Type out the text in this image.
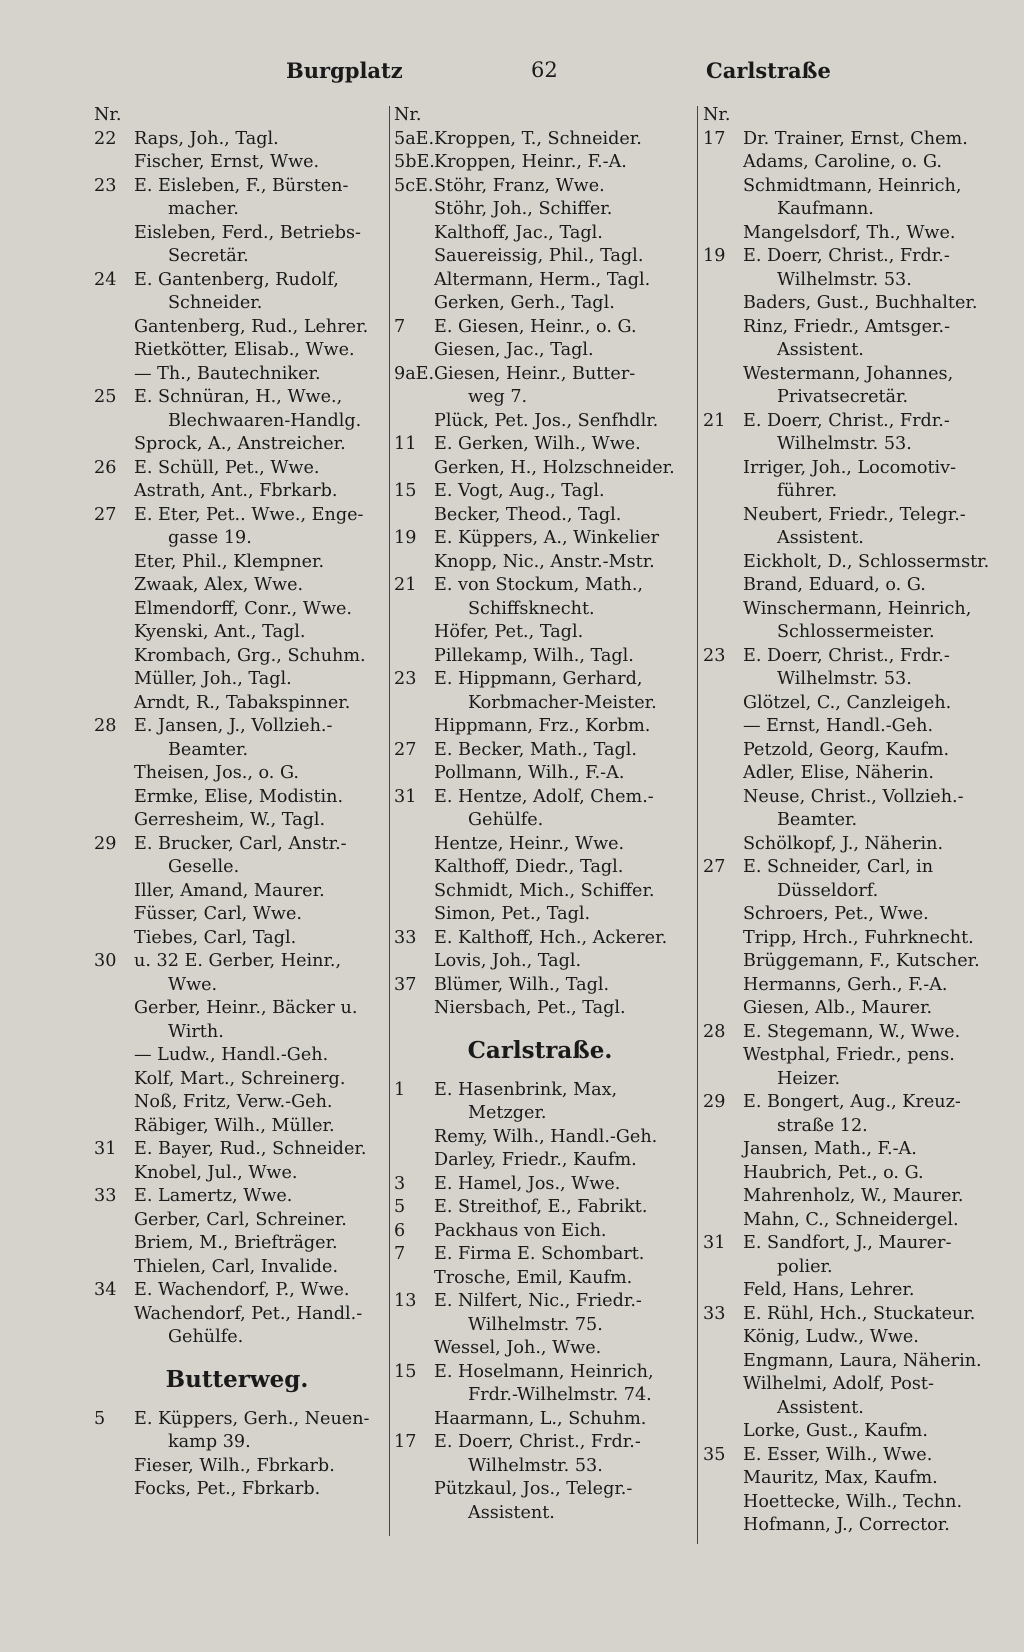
Burgplatz	62	Carlstraße
Nr.
22 Raps, Joh., Tagl.
Fischer, Ernst, Wwe.
23 E. Eisleben, F., Bürsten-
macher.
Eisleben, Ferd., Betriebs-
Secretär.
24 E. Gantenberg, Rudolf,
Schneider.
Gantenberg, Rud., Lehrer.
Rietkötter, Elisab., Wwe.
— Th., Bautechniker.
25 E. Schnüran, H., Wwe.,
Blechwaaren-Handlg.
Sprock, A., Anstreicher.
26 E. Schüll, Pet., Wwe.
Astrath, Ant., Fbrkarb.
27 E. Eter, Pet.. Wwe., Enge-
gasse 19.
Eter, Phil., Klempner.
Zwaak, Alex, Wwe.
Elmendorff, Conr., Wwe.
Kyenski, Ant., Tagl.
Krombach, Grg., Schuhm.
Müller, Joh., Tagl.
Arndt, R., Tabakspinner.
28 E. Jansen, J., Vollzieh.-
Beamter.
Theisen, Jos., o. G.
Ermke, Elise, Modistin.
Gerresheim, W., Tagl.
29 E. Brucker, Carl, Anstr.-
Geselle.
Iller, Amand, Maurer.
Füsser, Carl, Wwe.
Tiebes, Carl, Tagl.
30 u. 32 E. Gerber, Heinr.,
Wwe.
Gerber, Heinr., Bäcker u.
Wirth.
— Ludw., Handl.-Geh.
Kolf, Mart., Schreinerg.
Noß, Fritz, Verw.-Geh.
Räbiger, Wilh., Müller.
31 E. Bayer, Rud., Schneider.
Knobel, Jul., Wwe.
33 E. Lamertz, Wwe.
Gerber, Carl, Schreiner.
Briem, M., Briefträger.
Thielen, Carl, Invalide.
34 E. Wachendorf, P., Wwe.
Wachendorf, Pet., Handl.-
Gehülfe.
Butterweg.
5 E. Küppers, Gerh., Neuen-
kamp 39.
Fieser, Wilh., Fbrkarb.
Focks, Pet., Fbrkarb.
Nr.
5aE. Kroppen, T., Schneider.
5bE. Kroppen, Heinr., F.-A.
5cE. Stöhr, Franz, Wwe.
Stöhr, Joh., Schiffer.
Kalthoff, Jac., Tagl.
Sauereissig, Phil., Tagl.
Altermann, Herm., Tagl.
Gerken, Gerh., Tagl.
7 E. Giesen, Heinr., o. G.
Giesen, Jac., Tagl.
9aE. Giesen, Heinr., Butter-
weg 7.
Plück, Pet. Jos., Senfhdlr.
11 E. Gerken, Wilh., Wwe.
Gerken, H., Holzschneider.
15 E. Vogt, Aug., Tagl.
Becker, Theod., Tagl.
19 E. Küppers, A., Winkelier
Knopp, Nic., Anstr.-Mstr.
21 E. von Stockum, Math.,
Schiffsknecht.
Höfer, Pet., Tagl.
Pillekamp, Wilh., Tagl.
23 E. Hippmann, Gerhard,
Korbmacher-Meister.
Hippmann, Frz., Korbm.
27 E. Becker, Math., Tagl.
Pollmann, Wilh., F.-A.
31 E. Hentze, Adolf, Chem.-
Gehülfe.
Hentze, Heinr., Wwe.
Kalthoff, Diedr., Tagl.
Schmidt, Mich., Schiffer.
Simon, Pet., Tagl.
33 E. Kalthoff, Hch., Ackerer.
Lovis, Joh., Tagl.
37 Blümer, Wilh., Tagl.
Niersbach, Pet., Tagl.
Carlstraße.
1 E. Hasenbrink, Max,
Metzger.
Remy, Wilh., Handl.-Geh.
Darley, Friedr., Kaufm.
3 E. Hamel, Jos., Wwe.
5 E. Streithof, E., Fabrikt.
6 Packhaus von Eich.
7 E. Firma E. Schombart.
Trosche, Emil, Kaufm.
13 E. Nilfert, Nic., Friedr.-
Wilhelmstr. 75.
Wessel, Joh., Wwe.
15 E. Hoselmann, Heinrich,
Frdr.-Wilhelmstr. 74.
Haarmann, L., Schuhm.
17 E. Doerr, Christ., Frdr.-
Wilhelmstr. 53.
Pützkaul, Jos., Telegr.-
Assistent.
Nr.
17 Dr. Trainer, Ernst, Chem.
Adams, Caroline, o. G.
Schmidtmann, Heinrich,
Kaufmann.
Mangelsdorf, Th., Wwe.
19 E. Doerr, Christ., Frdr.-
Wilhelmstr. 53.
Baders, Gust., Buchhalter.
Rinz, Friedr., Amtsger.-
Assistent.
Westermann, Johannes,
Privatsecretär.
21 E. Doerr, Christ., Frdr.-
Wilhelmstr. 53.
Irriger, Joh., Locomotiv-
führer.
Neubert, Friedr., Telegr.-
Assistent.
Eickholt, D., Schlossermstr.
Brand, Eduard, o. G.
Winschermann, Heinrich,
Schlossermeister.
23 E. Doerr, Christ., Frdr.-
Wilhelmstr. 53.
Glötzel, C., Canzleigeh.
— Ernst, Handl.-Geh.
Petzold, Georg, Kaufm.
Adler, Elise, Näherin.
Neuse, Christ., Vollzieh.-
Beamter.
Schölkopf, J., Näherin.
27 E. Schneider, Carl, in
Düsseldorf.
Schroers, Pet., Wwe.
Tripp, Hrch., Fuhrknecht.
Brüggemann, F., Kutscher.
Hermanns, Gerh., F.-A.
Giesen, Alb., Maurer.
28 E. Stegemann, W., Wwe.
Westphal, Friedr., pens.
Heizer.
29 E. Bongert, Aug., Kreuz-
straße 12.
Jansen, Math., F.-A.
Haubrich, Pet., o. G.
Mahrenholz, W., Maurer.
Mahn, C., Schneidergel.
31 E. Sandfort, J., Maurer-
polier.
Feld, Hans, Lehrer.
33 E. Rühl, Hch., Stuckateur.
König, Ludw., Wwe.
Engmann, Laura, Näherin.
Wilhelmi, Adolf, Post-
Assistent.
Lorke, Gust., Kaufm.
35 E. Esser, Wilh., Wwe.
Mauritz, Max, Kaufm.
Hoettecke, Wilh., Techn.
Hofmann, J., Corrector.
